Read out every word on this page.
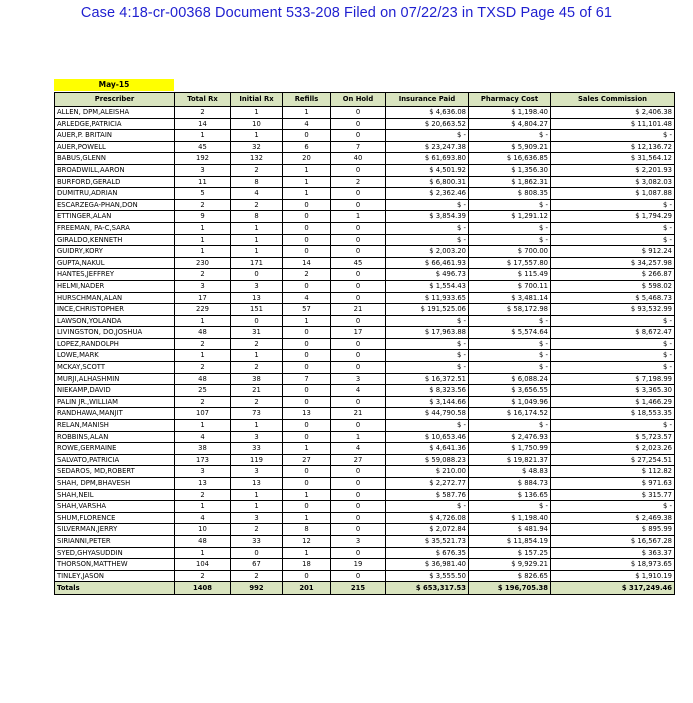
Case 4:18-cr-00368 Document 533-208 Filed on 07/22/23 in TXSD Page 45 of 61
May-15
Prescriber	Total Rx	Initial Rx	Refills	On Hold	Insurance Paid	Pharmacy Cost	Sales Commission
ALLEN, DPM,ALEISHA	2	1	1	0	$ 4,636.08	$ 1,198.40	$ 2,406.38
ARLEDGE,PATRICIA	14	10	4	0	$ 20,663.52	$ 4,804.27	$ 11,101.48
AUER,P. BRITAIN	1	1	0	0	$ -	$ -	$ -
AUER,POWELL	45	32	6	7	$ 23,247.38	$ 5,909.21	$ 12,136.72
BABUS,GLENN	192	132	20	40	$ 61,693.80	$ 16,636.85	$ 31,564.12
BROADWILL,AARON	3	2	1	0	$ 4,501.92	$ 1,356.30	$ 2,201.93
BURFORD,GERALD	11	8	1	2	$ 6,800.31	$ 1,862.31	$ 3,082.03
DUMITRU,ADRIAN	5	4	1	0	$ 2,362.46	$ 808.35	$ 1,087.88
ESCARZEGA-PHAN,DON	2	2	0	0	$ -	$ -	$ -
ETTINGER,ALAN	9	8	0	1	$ 3,854.39	$ 1,291.12	$ 1,794.29
FREEMAN, PA-C,SARA	1	1	0	0	$ -	$ -	$ -
GIRALDO,KENNETH	1	1	0	0	$ -	$ -	$ -
GUIDRY,KORY	1	1	0	0	$ 2,003.20	$ 700.00	$ 912.24
GUPTA,NAKUL	230	171	14	45	$ 66,461.93	$ 17,557.80	$ 34,257.98
HANTES,JEFFREY	2	0	2	0	$ 496.73	$ 115.49	$ 266.87
HELMI,NADER	3	3	0	0	$ 1,554.43	$ 700.11	$ 598.02
HURSCHMAN,ALAN	17	13	4	0	$ 11,933.65	$ 3,481.14	$ 5,468.73
INCE,CHRISTOPHER	229	151	57	21	$ 191,525.06	$ 58,172.98	$ 93,532.99
LAWSON,YOLANDA	1	0	1	0	$ -	$ -	$ -
LIVINGSTON, DO,JOSHUA	48	31	0	17	$ 17,963.88	$ 5,574.64	$ 8,672.47
LOPEZ,RANDOLPH	2	2	0	0	$ -	$ -	$ -
LOWE,MARK	1	1	0	0	$ -	$ -	$ -
MCKAY,SCOTT	2	2	0	0	$ -	$ -	$ -
MURJI,ALHASHMIN	48	38	7	3	$ 16,372.51	$ 6,088.24	$ 7,198.99
NIEKAMP,DAVID	25	21	0	4	$ 8,323.56	$ 3,656.55	$ 3,365.30
PALIN JR.,WILLIAM	2	2	0	0	$ 3,144.66	$ 1,049.96	$ 1,466.29
RANDHAWA,MANJIT	107	73	13	21	$ 44,790.58	$ 16,174.52	$ 18,553.35
RELAN,MANISH	1	1	0	0	$ -	$ -	$ -
ROBBINS,ALAN	4	3	0	1	$ 10,653.46	$ 2,476.93	$ 5,723.57
ROWE,GERMAINE	38	33	1	4	$ 4,641.36	$ 1,750.99	$ 2,023.26
SALVATO,PATRICIA	173	119	27	27	$ 59,088.23	$ 19,821.37	$ 27,254.51
SEDAROS, MD,ROBERT	3	3	0	0	$ 210.00	$ 48.83	$ 112.82
SHAH, DPM,BHAVESH	13	13	0	0	$ 2,272.77	$ 884.73	$ 971.63
SHAH,NEIL	2	1	1	0	$ 587.76	$ 136.65	$ 315.77
SHAH,VARSHA	1	1	0	0	$ -	$ -	$ -
SHUM,FLORENCE	4	3	1	0	$ 4,726.08	$ 1,198.40	$ 2,469.38
SILVERMAN,JERRY	10	2	8	0	$ 2,072.84	$ 481.94	$ 895.99
SIRIANNI,PETER	48	33	12	3	$ 35,521.73	$ 11,854.19	$ 16,567.28
SYED,GHYASUDDIN	1	0	1	0	$ 676.35	$ 157.25	$ 363.37
THORSON,MATTHEW	104	67	18	19	$ 36,981.40	$ 9,929.21	$ 18,973.65
TINLEY,JASON	2	2	0	0	$ 3,555.50	$ 826.65	$ 1,910.19
Totals	1408	992	201	215	$ 653,317.53	$ 196,705.38	$ 317,249.46
